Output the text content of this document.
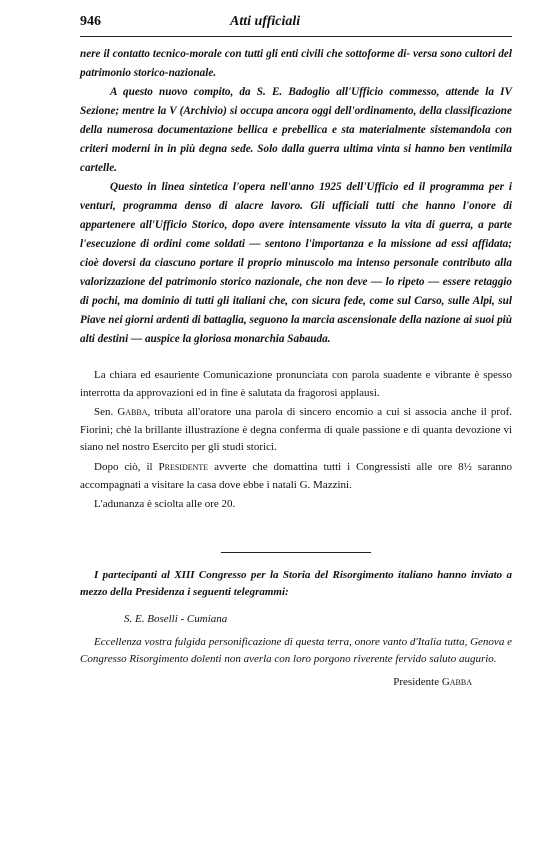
946	Atti ufficiali

nere il contatto tecnico-morale con tutti gli enti civili che sottoforme di- versa sono cultori del patrimonio storico-nazionale.

A questo nuovo compito, da S. E. Badoglio all'Ufficio commesso, attende la IV Sezione; mentre la V (Archivio) si occupa ancora oggi dell'ordinamento, della classificazione della numerosa documentazione bellica e prebellica e sta materialmente sistemandola con criteri moderni in in più degna sede. Solo dalla guerra ultima vinta si hanno ben ventimila cartelle.

Questo in linea sintetica l'opera nell'anno 1925 dell'Ufficio ed il programma per i venturi, programma denso di alacre lavoro. Gli ufficiali tutti che hanno l'onore di appartenere all'Ufficio Storico, dopo avere intensamente vissuto la vita di guerra, a parte l'esecuzione di ordini come soldati — sentono l'importanza e la missione ad essi affidata; cioè doversi da ciascuno portare il proprio minuscolo ma intenso personale contributo alla valorizzazione del patrimonio storico nazionale, che non deve — lo ripeto — essere retaggio di pochi, ma dominio di tutti gli italiani che, con sicura fede, come sul Carso, sulle Alpi, sul Piave nei giorni ardenti di battaglia, seguono la marcia ascensionale della nazione ai suoi più alti destini — auspice la gloriosa monarchia Sabauda.

La chiara ed esauriente Comunicazione pronunciata con parola suadente e vibrante è spesso interrotta da approvazioni ed in fine è salutata da fragorosi applausi.

Sen. Gabba, tributa all'oratore una parola di sincero encomio a cui si associa anche il prof. Fiorini; chè la brillante illustrazione è degna conferma di quale passione e di quanta devozione vi siano nel nostro Esercito per gli studi storici.

Dopo ciò, il Presidente avverte che domattina tutti i Congressisti alle ore 8½ saranno accompagnati a visitare la casa dove ebbe i natali G. Mazzini.

L'adunanza è sciolta alle ore 20.

I partecipanti al XIII Congresso per la Storia del Risorgimento italiano hanno inviato a mezzo della Presidenza i seguenti telegrammi:

S. E. Boselli - Cumiana

Eccellenza vostra fulgida personificazione di questa terra, onore vanto d'Italia tutta, Genova e Congresso Risorgimento dolenti non averla con loro porgono riverente fervido saluto augurio.

Presidente Gabba
